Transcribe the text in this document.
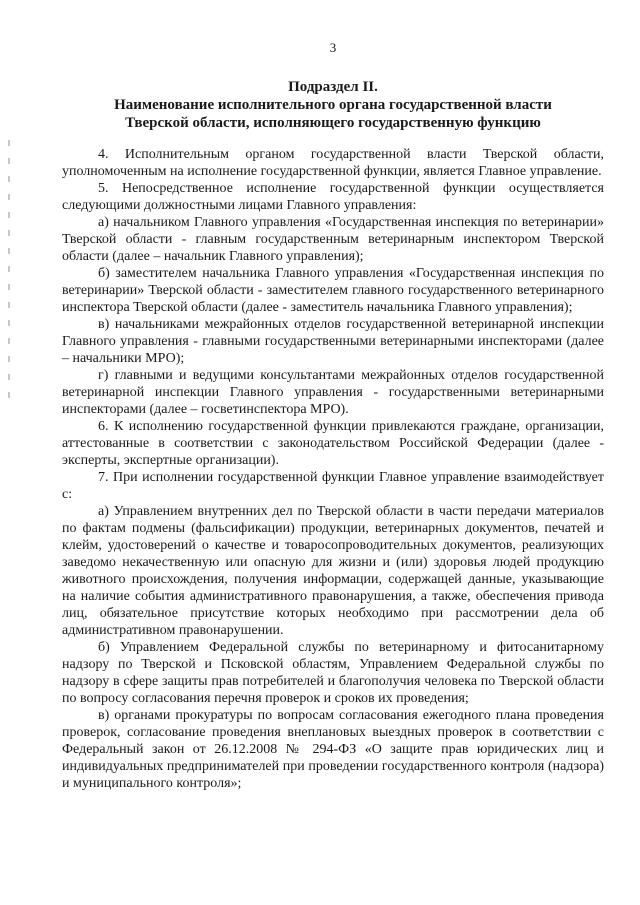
3

Подраздел II.

Наименование исполнительного органа государственной власти

Тверской области, исполняющего государственную функцию

4. Исполнительным органом государственной власти Тверской области, уполномоченным на исполнение государственной функции, является Главное управление.

5. Непосредственное исполнение государственной функции осуществляется следующими должностными лицами Главного управления:

а) начальником Главного управления «Государственная инспекция по ветеринарии» Тверской области - главным государственным ветеринарным инспектором Тверской области (далее – начальник Главного управления);

б) заместителем начальника Главного управления «Государственная инспекция по ветеринарии» Тверской области - заместителем главного государственного ветеринарного инспектора Тверской области (далее - заместитель начальника Главного управления);

в) начальниками межрайонных отделов государственной ветеринарной инспекции Главного управления - главными государственными ветеринарными инспекторами (далее – начальники МРО);

г) главными и ведущими консультантами межрайонных отделов государственной ветеринарной инспекции Главного управления - государственными ветеринарными инспекторами (далее – госветинспектора МРО).

6. К исполнению государственной функции привлекаются граждане, организации, аттестованные в соответствии с законодательством Российской Федерации (далее - эксперты, экспертные организации).

7. При исполнении государственной функции Главное управление взаимодействует с:

а) Управлением внутренних дел по Тверской области в части передачи материалов по фактам подмены (фальсификации) продукции, ветеринарных документов, печатей и клейм, удостоверений о качестве и товаросопроводительных документов, реализующих заведомо некачественную или опасную для жизни и (или) здоровья людей продукцию животного происхождения, получения информации, содержащей данные, указывающие на наличие события административного правонарушения, а также, обеспечения привода лиц, обязательное присутствие которых необходимо при рассмотрении дела об административном правонарушении.

б) Управлением Федеральной службы по ветеринарному и фитосанитарному надзору по Тверской и Псковской областям, Управлением Федеральной службы по надзору в сфере защиты прав потребителей и благополучия человека по Тверской области по вопросу согласования перечня проверок и сроков их проведения;

в) органами прокуратуры по вопросам согласования ежегодного плана проведения проверок, согласование проведения внеплановых выездных проверок в соответствии с Федеральный закон от 26.12.2008 № 294-ФЗ «О защите прав юридических лиц и индивидуальных предпринимателей при проведении государственного контроля (надзора) и муниципального контроля»;
